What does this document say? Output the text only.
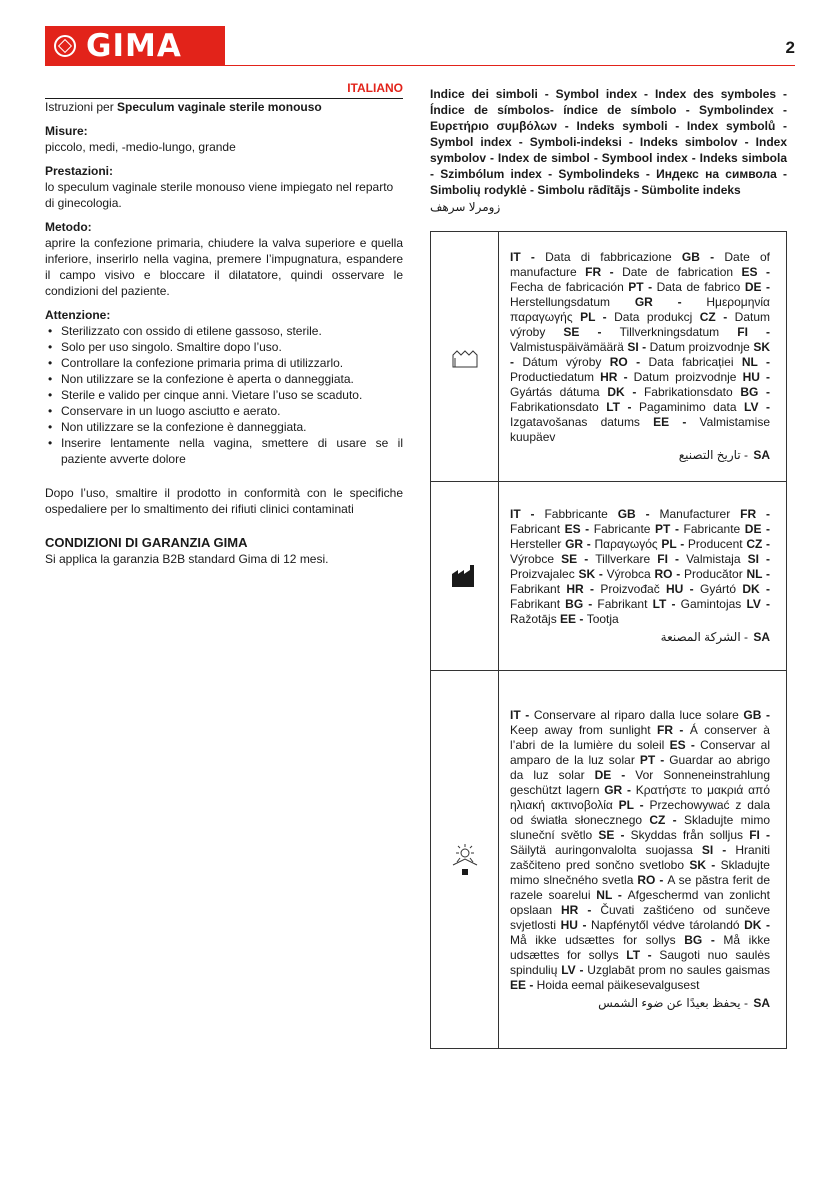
GIMA	2
ITALIANO

Istruzioni per Speculum vaginale sterile monouso

Misure:

piccolo, medi, -medio-lungo, grande

Prestazioni:

lo speculum vaginale sterile monouso viene impiegato nel reparto di ginecologia.

Metodo:

aprire la confezione primaria, chiudere la valva superiore e quella inferiore, inserirlo nella vagina, premere l’impugnatura, espandere il campo visivo e bloccare il dilatatore, quindi osservare le condizioni del paziente.

Attenzione:
• Sterilizzato con ossido di etilene gassoso, sterile.
• Solo per uso singolo. Smaltire dopo l’uso.
• Controllare la confezione primaria prima di utilizzarlo.
• Non utilizzare se la confezione è aperta o danneggiata.
• Sterile e valido per cinque anni. Vietare l’uso se scaduto.
• Conservare in un luogo asciutto e aerato.
• Non utilizzare se la confezione è danneggiata.
• Inserire lentamente nella vagina, smettere di usare se il paziente avverte dolore

Dopo l’uso, smaltire il prodotto in conformità con le specifiche ospedaliere per lo smaltimento dei rifiuti clinici contaminati

CONDIZIONI DI GARANZIA GIMA

Si applica la garanzia B2B standard Gima di 12 mesi.

Indice dei simboli - Symbol index - Index des symboles - Índice de símbolos- índice de símbolo - Symbolindex - Ευρετήριο συμβόλων - Indeks symboli - Index symbolů - Symbol index - Symboli-indeksi - Indeks simbolov - Index symbolov - Index de simbol - Symbool index - Indeks simbola - Szimbólum index - Symbolindeks - Индекс на символа - Simbolių rodyklė - Simbolu rādītājs - Sümbolite indeks

زومرلا سرهف

IT - Data di fabbricazione GB - Date of manufacture FR - Date de fabrication ES - Fecha de fabricación PT - Data de fabrico DE - Herstellungsdatum GR - Ημερομηνία παραγωγής PL - Data produkcj CZ - Datum výroby SE - Tillverkningsdatum FI - Valmistuspäivämäärä SI - Datum proizvodnje SK - Dátum výroby RO - Data fabricației NL - Productiedatum HR - Datum proizvodnje HU - Gyártás dátuma DK - Fabrikationsdato BG - Fabrikationsdato LT - Pagaminimo data LV - Izgatavošanas datums EE - Valmistamise kuupäev

تاريخ التصنيع - SA

IT - Fabbricante GB - Manufacturer FR - Fabricant ES - Fabricante PT - Fabricante DE - Hersteller GR - Παραγωγός PL - Producent CZ - Výrobce SE - Tillverkare FI - Valmistaja SI - Proizvajalec SK - Výrobca RO - Producător NL - Fabrikant HR - Proizvođač HU - Gyártó DK - Fabrikant BG - Fabrikant LT - Gamintojas LV - Ražotājs EE - Tootja

الشركة المصنعة - SA

IT - Conservare al riparo dalla luce solare GB - Keep away from sunlight FR - Á conserver à l’abri de la lumière du soleil ES - Conservar al amparo de la luz solar PT - Guardar ao abrigo da luz solar DE - Vor Sonneneinstrahlung geschützt lagern GR - Κρατήστε το μακριά από ηλιακή ακτινοβολία PL - Przechowywać z dala od światła słonecznego CZ - Skladujte mimo sluneční světlo SE - Skyddas från solljus FI - Säilytä auringonvalolta suojassa SI - Hraniti zaščiteno pred sončno svetlobo SK - Skladujte mimo slnečného svetla RO - A se păstra ferit de razele soarelui NL - Afgeschermd van zonlicht opslaan HR - Čuvati zaštićeno od sunčeve svjetlosti HU - Napfénytől védve tárolandó DK - Må ikke udsættes for sollys BG - Må ikke udsættes for sollys LT - Saugoti nuo saulės spindulių LV - Uzglabāt prom no saules gaismas EE - Hoida eemal päikesevalgusest

يحفظ بعيدًا عن ضوء الشمس - SA
